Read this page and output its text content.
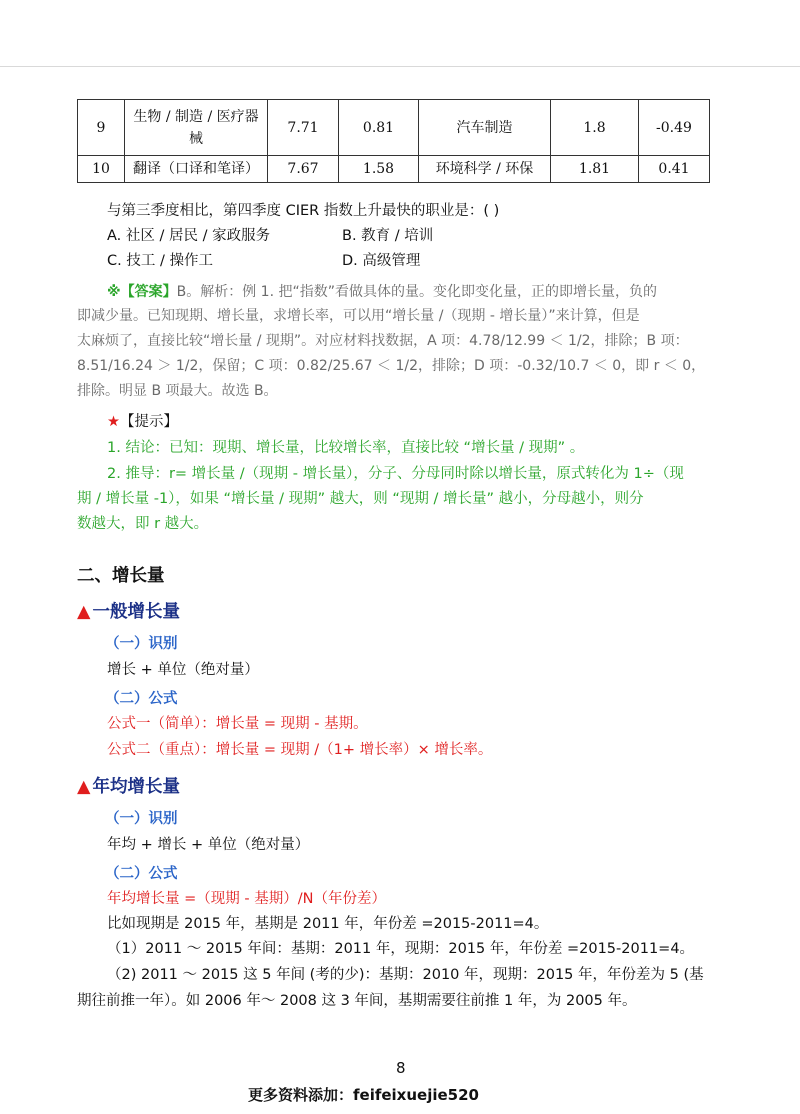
9	生物 / 制造 / 医疗器械	7.71	0.81	汽车制造	1.8	-0.49
10	翻译（口译和笔译）	7.67	1.58	环境科学 / 环保	1.81	0.41
与第三季度相比，第四季度 CIER 指数上升最快的职业是：( )
A. 社区 / 居民 / 家政服务	B. 教育 / 培训
C. 技工 / 操作工	D. 高级管理
※【答案】B。解析：例 1. 把“指数”看做具体的量。变化即变化量，正的即增长量，负的
即减少量。已知现期、增长量，求增长率，可以用“增长量 /（现期 - 增长量）”来计算，但是
太麻烦了，直接比较“增长量 / 现期”。对应材料找数据，A 项：4.78/12.99 ＜ 1/2，排除；B 项：
8.51/16.24 ＞ 1/2，保留；C 项：0.82/25.67 ＜ 1/2，排除；D 项：-0.32/10.7 ＜ 0，即 r ＜ 0，
排除。明显 B 项最大。故选 B。
★【提示】
1. 结论：已知：现期、增长量，比较增长率，直接比较 “增长量 / 现期” 。
2. 推导：r= 增长量 /（现期 - 增长量），分子、分母同时除以增长量，原式转化为 1÷（现
期 / 增长量 -1），如果 “增长量 / 现期” 越大，则 “现期 / 增长量” 越小，分母越小，则分
数越大，即 r 越大。
二、增长量
▲ 一般增长量
（一）识别
增长 + 单位（绝对量）
（二）公式
公式一（简单）：增长量 = 现期 - 基期。
公式二（重点）：增长量 = 现期 /（1+ 增长率）× 增长率。
▲ 年均增长量
（一）识别
年均 + 增长 + 单位（绝对量）
（二）公式
年均增长量 =（现期 - 基期）/N（年份差）
比如现期是 2015 年，基期是 2011 年，年份差 =2015-2011=4。
（1）2011 ～ 2015 年间：基期：2011 年，现期：2015 年，年份差 =2015-2011=4。
（2) 2011 ～ 2015 这 5 年间 (考的少)：基期：2010 年，现期：2015 年，年份差为 5 (基
期往前推一年）。如 2006 年～ 2008 这 3 年间，基期需要往前推 1 年，为 2005 年。
8
更多资料添加：feifeixuejie520
